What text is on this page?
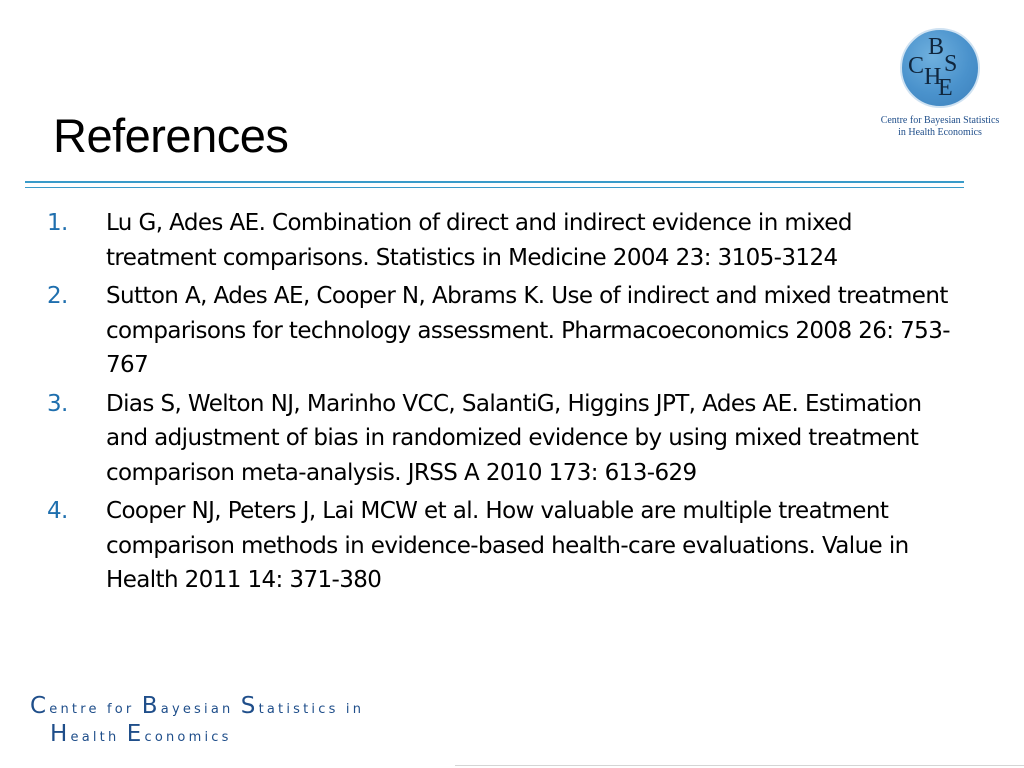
References
C
B
S
H
E
Centre for Bayesian Statistics
in Health Economics
1. Lu G, Ades AE. Combination of direct and indirect evidence in mixed treatment comparisons. Statistics in Medicine 2004 23: 3105-3124
2. Sutton A, Ades AE, Cooper N, Abrams K. Use of indirect and mixed treatment comparisons for technology assessment. Pharmacoeconomics 2008 26: 753-767
3. Dias S, Welton NJ, Marinho VCC, SalantiG, Higgins JPT, Ades AE. Estimation and adjustment of bias in randomized evidence by using mixed treatment comparison meta-analysis. JRSS A 2010 173: 613-629
4. Cooper NJ, Peters J, Lai MCW et al. How valuable are multiple treatment comparison methods in evidence-based health-care evaluations. Value in Health 2011 14: 371-380
Centre for Bayesian Statistics in
Health Economics
